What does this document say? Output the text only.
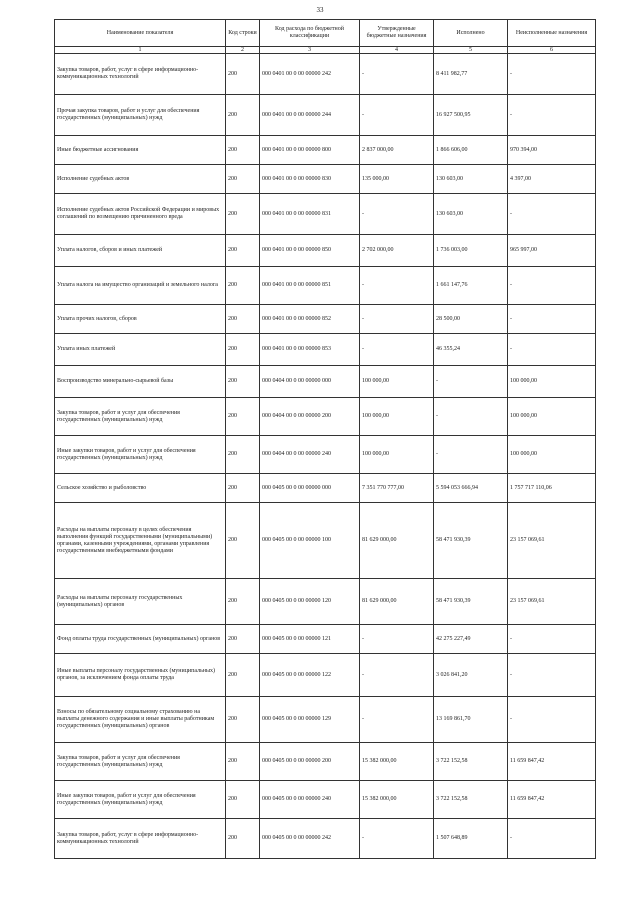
33
Наименование показателя	Код строки	Код расхода по бюджетной классификации	Утвержденные бюджетные назначения	Исполнено	Неисполненные назначения
1	2	3	4	5	6
Закупка товаров, работ, услуг в сфере информационно-коммуникационных технологий	200	000 0401 00 0 00 00000 242	-	8 411 982,77	-
Прочая закупка товаров, работ и услуг для обеспечения государственных (муниципальных) нужд	200	000 0401 00 0 00 00000 244	-	16 927 500,95	-
Иные бюджетные ассигнования	200	000 0401 00 0 00 00000 800	2 837 000,00	1 866 606,00	970 394,00
Исполнение судебных актов	200	000 0401 00 0 00 00000 830	135 000,00	130 603,00	4 397,00
Исполнение судебных актов Российской Федерации и мировых соглашений по возмещению причиненного вреда	200	000 0401 00 0 00 00000 831	-	130 603,00	-
Уплата налогов, сборов и иных платежей	200	000 0401 00 0 00 00000 850	2 702 000,00	1 736 003,00	965 997,00
Уплата налога на имущество организаций и земельного налога	200	000 0401 00 0 00 00000 851	-	1 661 147,76	-
Уплата прочих налогов, сборов	200	000 0401 00 0 00 00000 852	-	28 500,00	-
Уплата иных платежей	200	000 0401 00 0 00 00000 853	-	46 355,24	-
Воспроизводство минерально-сырьевой базы	200	000 0404 00 0 00 00000 000	100 000,00	-	100 000,00
Закупка товаров, работ и услуг для обеспечения государственных (муниципальных) нужд	200	000 0404 00 0 00 00000 200	100 000,00	-	100 000,00
Иные закупки товаров, работ и услуг для обеспечения государственных (муниципальных) нужд	200	000 0404 00 0 00 00000 240	100 000,00	-	100 000,00
Сельское хозяйство и рыболовство	200	000 0405 00 0 00 00000 000	7 351 770 777,00	5 594 053 666,94	1 757 717 110,06
Расходы на выплаты персоналу в целях обеспечения выполнения функций государственными (муниципальными) органами, казенными учреждениями, органами управления государственными внебюджетными фондами	200	000 0405 00 0 00 00000 100	81 629 000,00	58 471 930,39	23 157 069,61
Расходы на выплаты персоналу государственных (муниципальных) органов	200	000 0405 00 0 00 00000 120	81 629 000,00	58 471 930,39	23 157 069,61
Фонд оплаты труда государственных (муниципальных) органов	200	000 0405 00 0 00 00000 121	-	42 275 227,49	-
Иные выплаты персоналу государственных (муниципальных) органов, за исключением фонда оплаты труда	200	000 0405 00 0 00 00000 122	-	3 026 841,20	-
Взносы по обязательному социальному страхованию на выплаты денежного содержания и иные выплаты работникам государственных (муниципальных) органов	200	000 0405 00 0 00 00000 129	-	13 169 861,70	-
Закупка товаров, работ и услуг для обеспечения государственных (муниципальных) нужд	200	000 0405 00 0 00 00000 200	15 382 000,00	3 722 152,58	11 659 847,42
Иные закупки товаров, работ и услуг для обеспечения государственных (муниципальных) нужд	200	000 0405 00 0 00 00000 240	15 382 000,00	3 722 152,58	11 659 847,42
Закупка товаров, работ, услуг в сфере информационно-коммуникационных технологий	200	000 0405 00 0 00 00000 242	-	1 507 648,89	-
